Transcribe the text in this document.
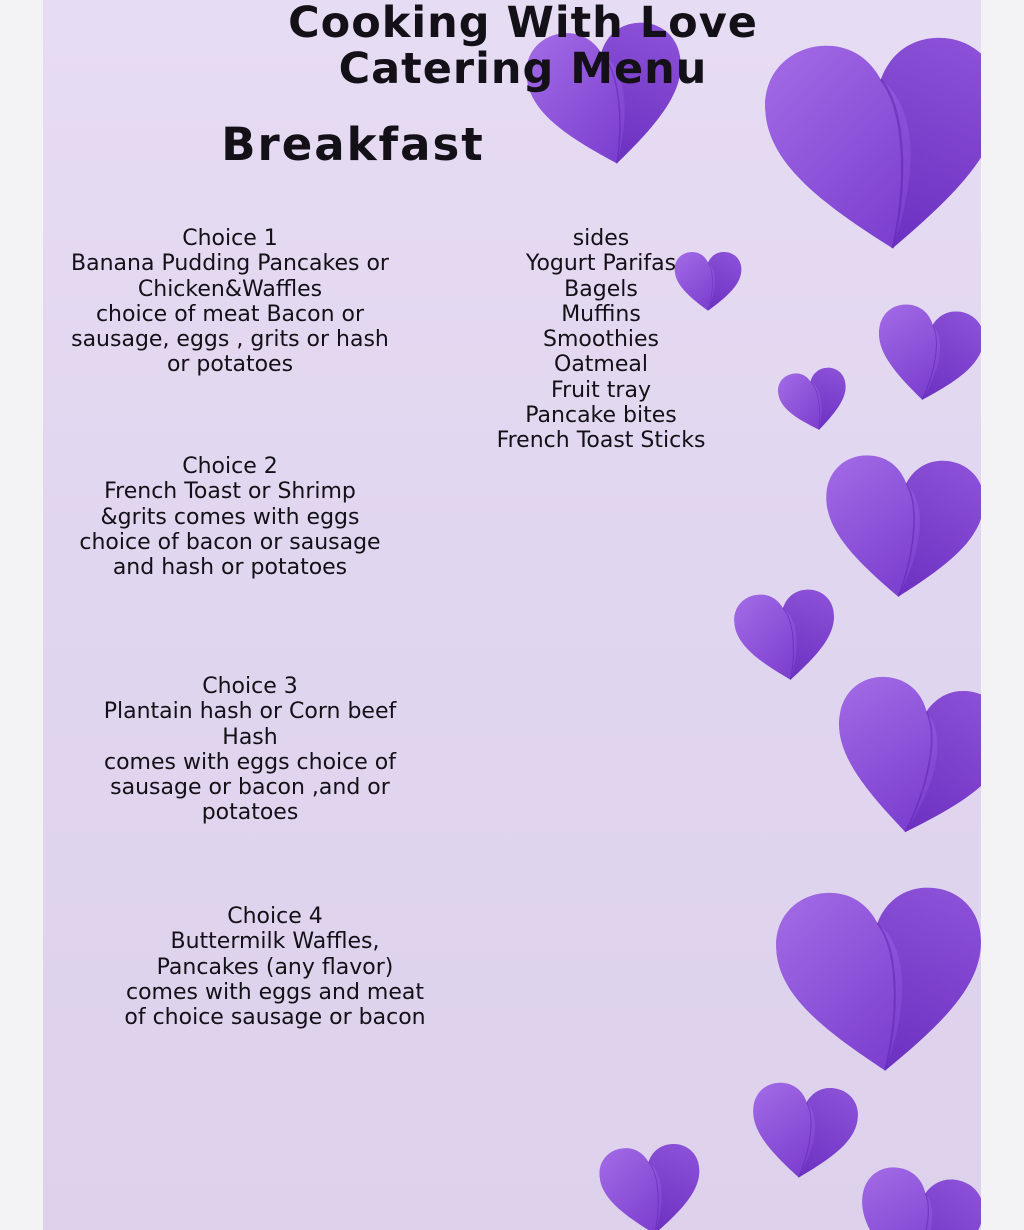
Cooking With Love
Catering Menu
Breakfast
Choice 1
Banana Pudding Pancakes or
Chicken&Waffles
choice of meat Bacon or
sausage, eggs , grits or hash
or potatoes
Choice 2
French Toast or Shrimp
&grits comes with eggs
choice of bacon or sausage
and hash or potatoes
Choice 3
Plantain hash or Corn beef
Hash
comes with eggs choice of
sausage or bacon ,and or
potatoes
Choice 4
Buttermilk Waffles,
Pancakes (any flavor)
comes with eggs and meat
of choice sausage or bacon
sides
Yogurt Parifas
Bagels
Muffins
Smoothies
Oatmeal
Fruit tray
Pancake bites
French Toast Sticks
